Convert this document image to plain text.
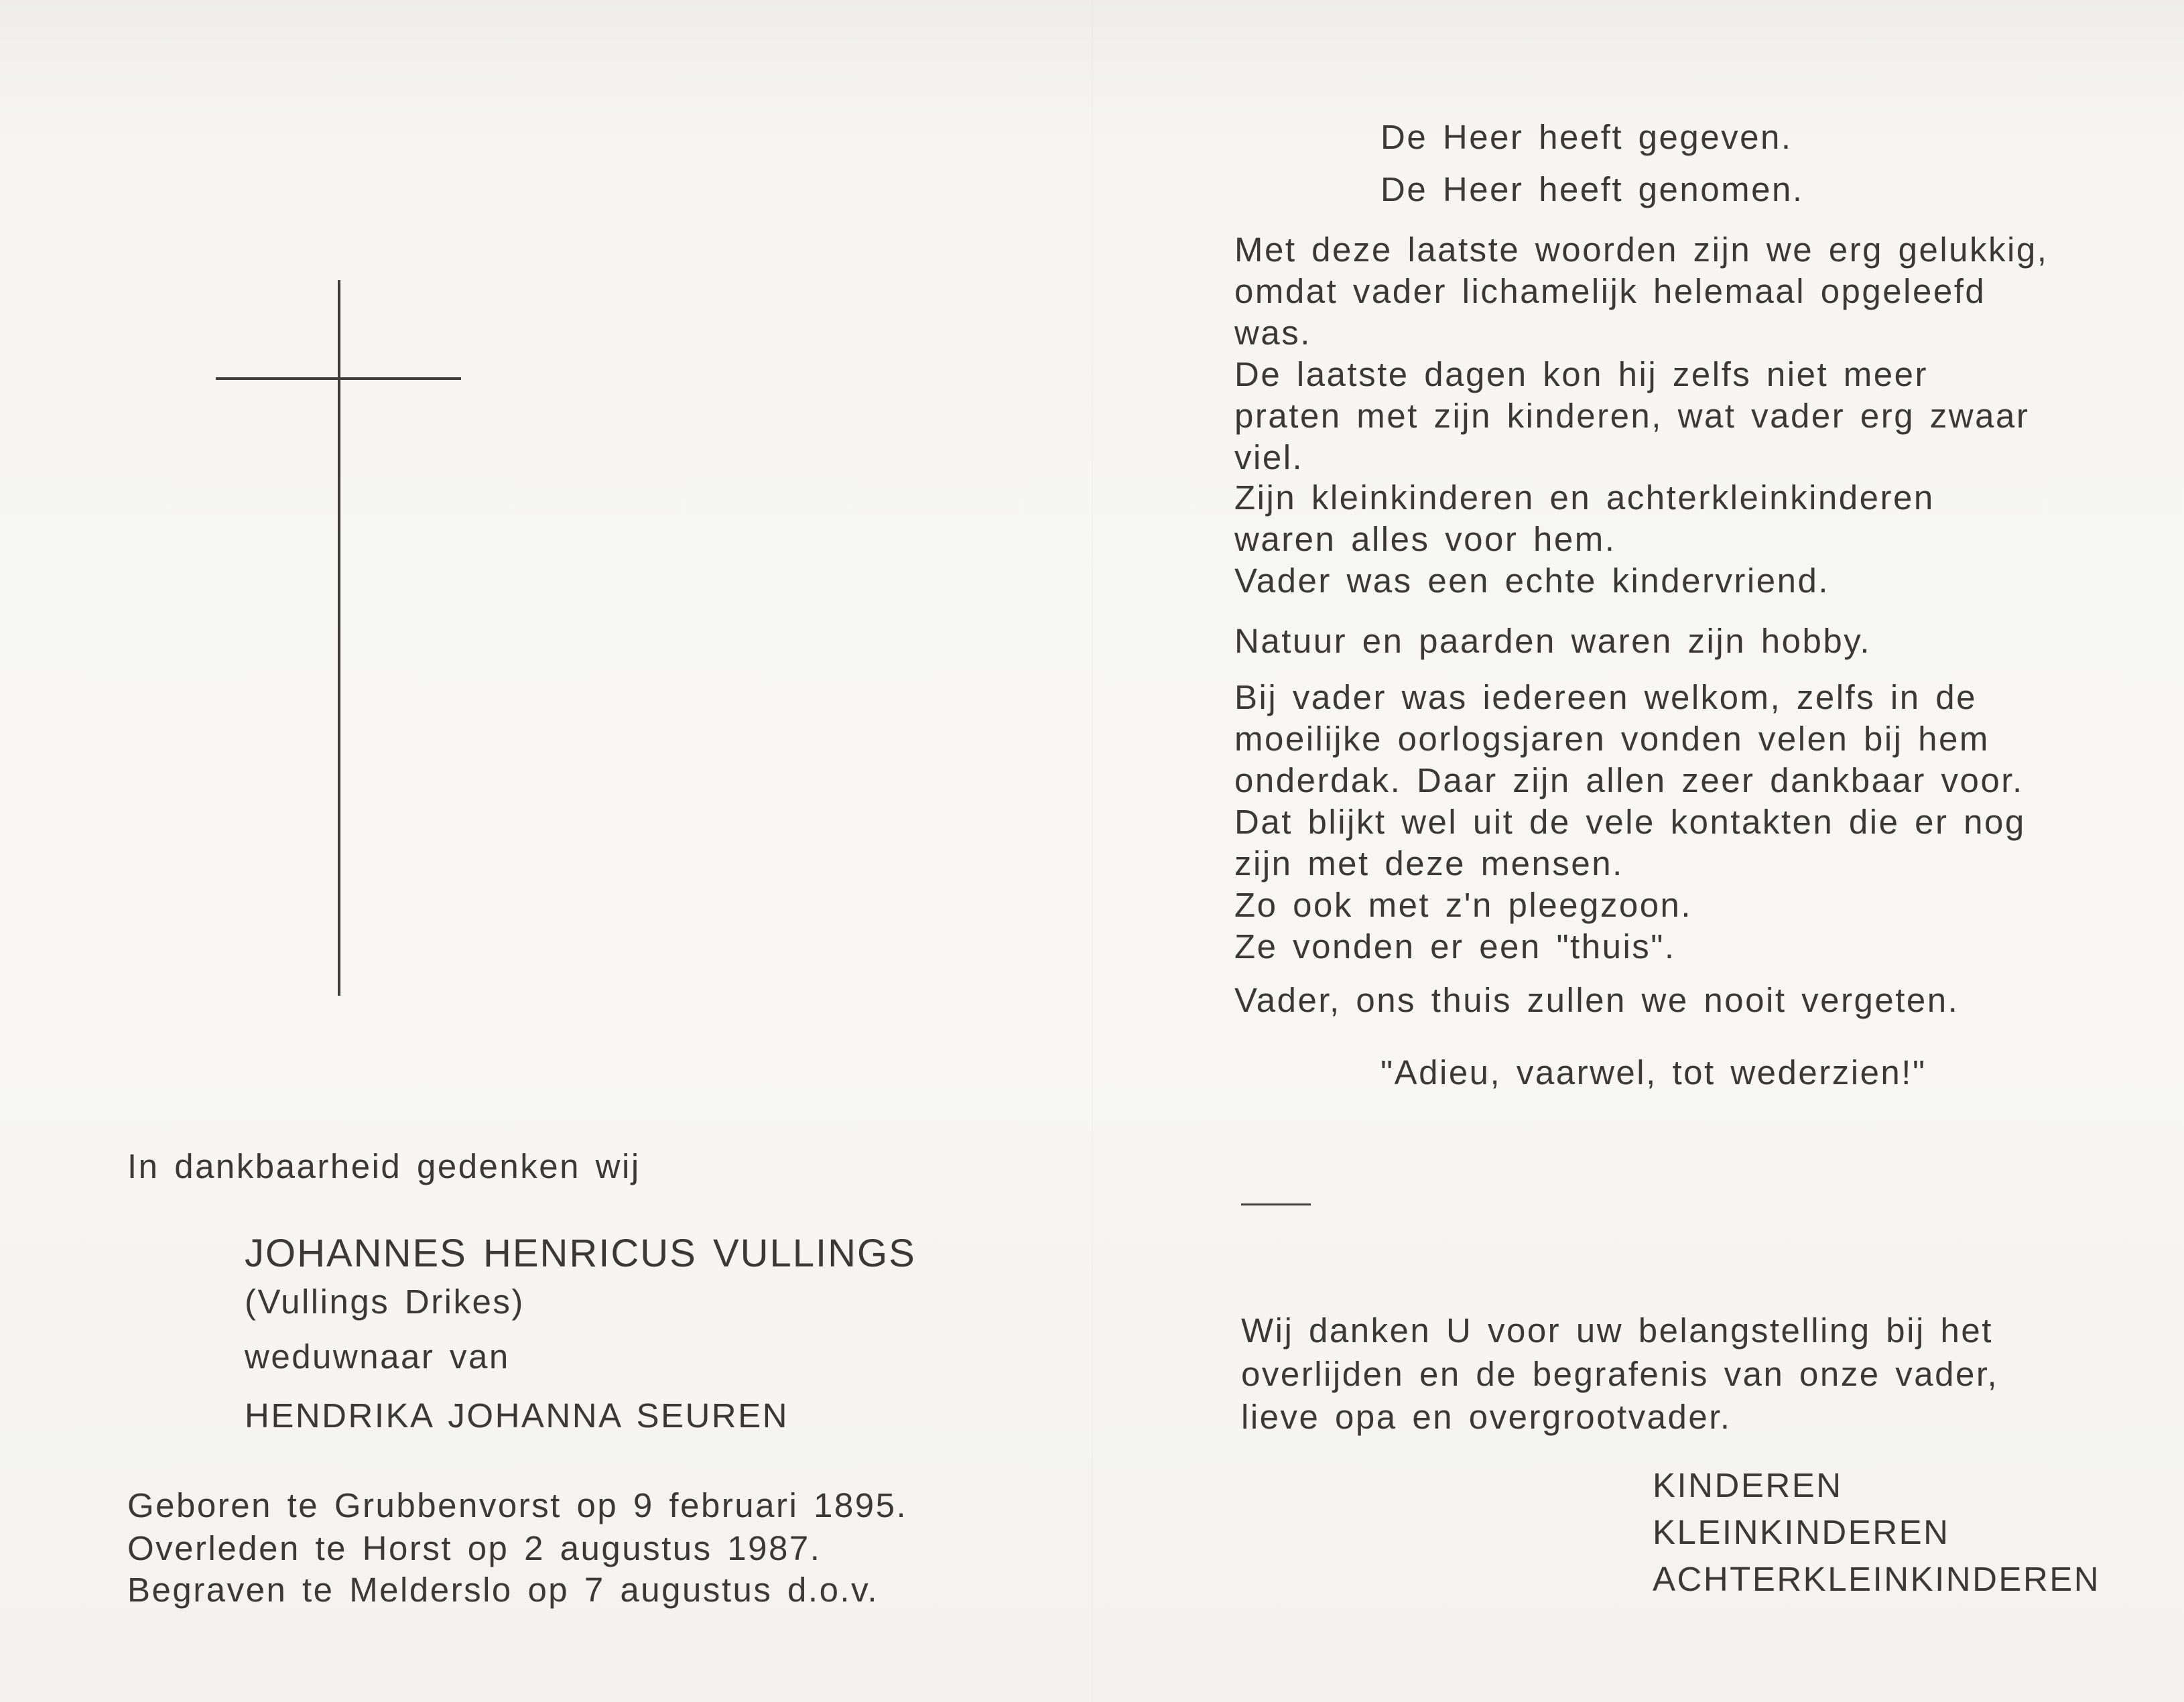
In dankbaarheid gedenken wij
JOHANNES HENRICUS VULLINGS
(Vullings Drikes)
weduwnaar van
HENDRIKA JOHANNA SEUREN
Geboren te Grubbenvorst op 9 februari 1895.
Overleden te Horst op 2 augustus 1987.
Begraven te Melderslo op 7 augustus d.o.v.
De Heer heeft gegeven.
De Heer heeft genomen.
Met deze laatste woorden zijn we erg gelukkig,
omdat vader lichamelijk helemaal opgeleefd
was.
De laatste dagen kon hij zelfs niet meer
praten met zijn kinderen, wat vader erg zwaar
viel.
Zijn kleinkinderen en achterkleinkinderen
waren alles voor hem.
Vader was een echte kindervriend.
Natuur en paarden waren zijn hobby.
Bij vader was iedereen welkom, zelfs in de
moeilijke oorlogsjaren vonden velen bij hem
onderdak. Daar zijn allen zeer dankbaar voor.
Dat blijkt wel uit de vele kontakten die er nog
zijn met deze mensen.
Zo ook met z'n pleegzoon.
Ze vonden er een "thuis".
Vader, ons thuis zullen we nooit vergeten.
"Adieu, vaarwel, tot wederzien!"
Wij danken U voor uw belangstelling bij het
overlijden en de begrafenis van onze vader,
lieve opa en overgrootvader.
KINDEREN
KLEINKINDEREN
ACHTERKLEINKINDEREN
